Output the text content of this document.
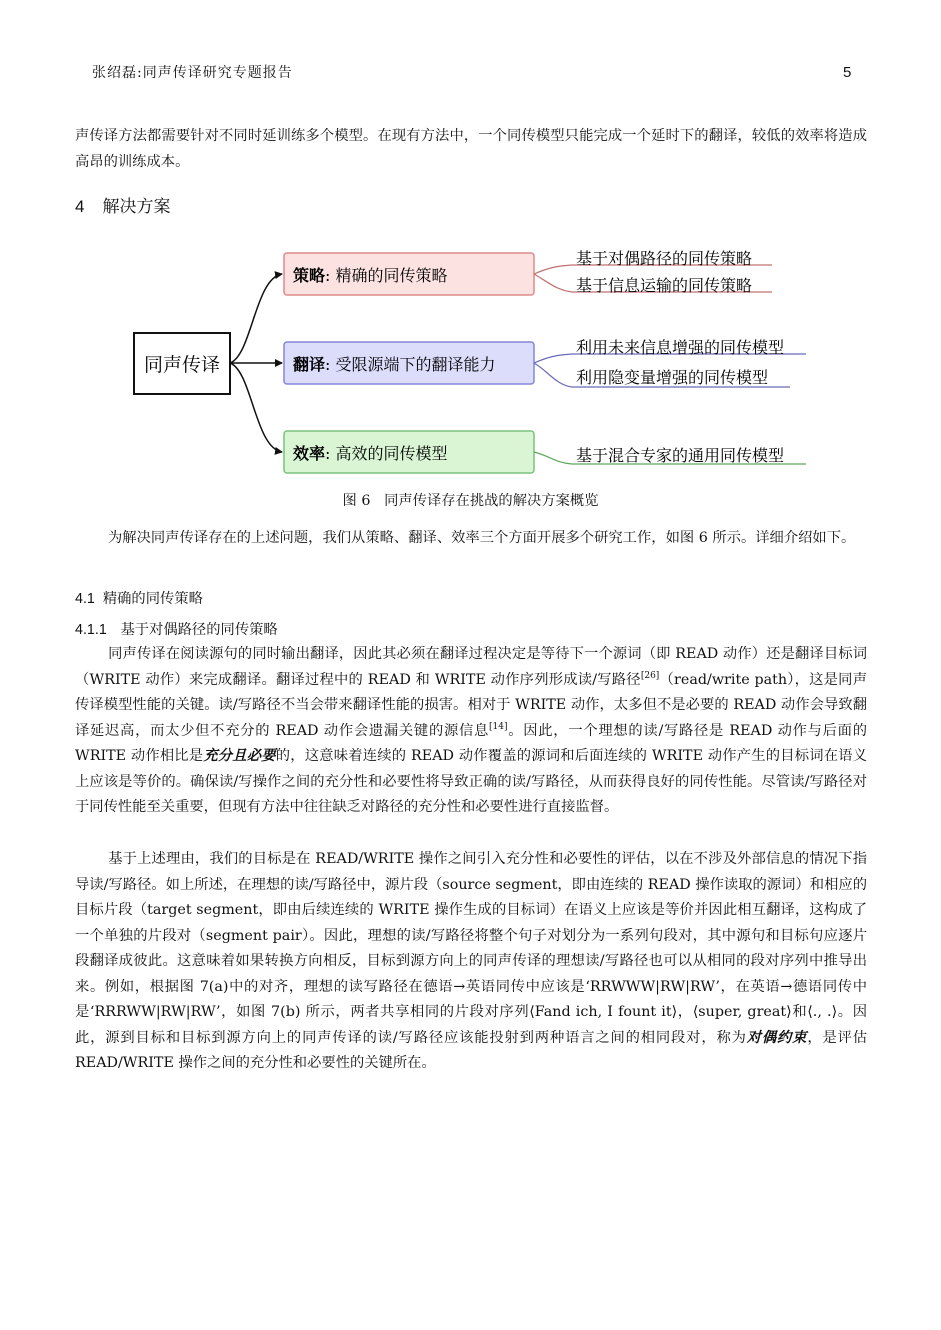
张绍磊:同声传译研究专题报告	5
声传译方法都需要针对不同时延训练多个模型。在现有方法中，一个同传模型只能完成一个延时下的翻译，较低的效率将造成高昂的训练成本。
4 解决方案
同声传译
策略: 精确的同传策略
基于对偶路径的同传策略
基于信息运输的同传策略
翻译: 受限源端下的翻译能力
利用未来信息增强的同传模型
利用隐变量增强的同传模型
效率: 高效的同传模型	基于混合专家的通用同传模型
图 6 同声传译存在挑战的解决方案概览
为解决同声传译存在的上述问题，我们从策略、翻译、效率三个方面开展多个研究工作，如图 6 所示。详细介绍如下。
4.1 精确的同传策略
4.1.1 基于对偶路径的同传策略
同声传译在阅读源句的同时输出翻译，因此其必须在翻译过程决定是等待下一个源词（即 READ 动作）还是翻译目标词（WRITE 动作）来完成翻译。翻译过程中的 READ 和 WRITE 动作序列形成读/写路径[26]（read/write path），这是同声传译模型性能的关键。读/写路径不当会带来翻译性能的损害。相对于 WRITE 动作，太多但不是必要的 READ 动作会导致翻译延迟高，而太少但不充分的 READ 动作会遗漏关键的源信息[14]。因此，一个理想的读/写路径是 READ 动作与后面的 WRITE 动作相比是充分且必要的，这意味着连续的 READ 动作覆盖的源词和后面连续的 WRITE 动作产生的目标词在语义上应该是等价的。确保读/写操作之间的充分性和必要性将导致正确的读/写路径，从而获得良好的同传性能。尽管读/写路径对于同传性能至关重要，但现有方法中往往缺乏对路径的充分性和必要性进行直接监督。
基于上述理由，我们的目标是在 READ/WRITE 操作之间引入充分性和必要性的评估，以在不涉及外部信息的情况下指导读/写路径。如上所述，在理想的读/写路径中，源片段（source segment，即由连续的 READ 操作读取的源词）和相应的目标片段（target segment，即由后续连续的 WRITE 操作生成的目标词）在语义上应该是等价并因此相互翻译，这构成了一个单独的片段对（segment pair）。因此，理想的读/写路径将整个句子对划分为一系列句段对，其中源句和目标句应逐片段翻译成彼此。这意味着如果转换方向相反，目标到源方向上的同声传译的理想读/写路径也可以从相同的段对序列中推导出来。例如，根据图 7(a)中的对齐，理想的读写路径在德语→英语同传中应该是‘RRWWW|RW|RW’，在英语→德语同传中是‘RRRWW|RW|RW’，如图 7(b) 所示，两者共享相同的片段对序列⟨Fand ich, I fount it⟩，⟨super, great⟩和⟨., .⟩。因此，源到目标和目标到源方向上的同声传译的读/写路径应该能投射到两种语言之间的相同段对，称为对偶约束，是评估 READ/WRITE 操作之间的充分性和必要性的关键所在。
